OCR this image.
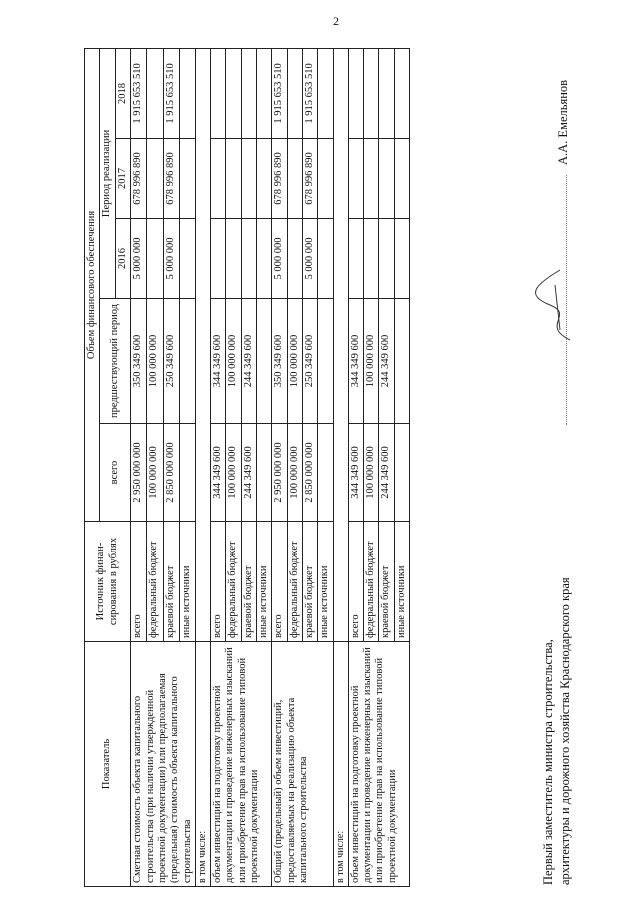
2
Показатель	Источник финан-сирования в рублях	Объем финансового обеспечения				
		всего	предшествующий период	Период реализации		
				2016	2017	2018
Сметная стоимость объекта капитального строительства (при наличии утвержденной проектной документации) или предполагаемая (предельная) стоимость объекта капитального строительства	всего	2 950 000 000	350 349 600	5 000 000	678 996 890	1 915 653 510
	федеральный бюджет	100 000 000	100 000 000			
	краевой бюджет	2 850 000 000	250 349 600	5 000 000	678 996 890	1 915 653 510
	иные источники					
в том числе:						
объем инвестиций на подготовку проектной документации и проведение инженерных изысканий или приобретение прав на использование типовой проектной документации	всего	344 349 600	344 349 600			
	федеральный бюджет	100 000 000	100 000 000			
	краевой бюджет	244 349 600	244 349 600			
	иные источники					
Общий (предельный) объем инвестиций, предоставляемых на реализацию объекта капитального строительства	всего	2 950 000 000	350 349 600	5 000 000	678 996 890	1 915 653 510
	федеральный бюджет	100 000 000	100 000 000			
	краевой бюджет	2 850 000 000	250 349 600	5 000 000	678 996 890	1 915 653 510
	иные источники					
в том числе:						
объем инвестиций на подготовку проектной документации и проведение инженерных изысканий или приобретение прав на использование типовой проектной документации	всего	344 349 600	344 349 600			
	федеральный бюджет	100 000 000	100 000 000			
	краевой бюджет	244 349 600	244 349 600			
	иные источники					
Первый заместитель министра строительства, архитектуры и дорожного хозяйства Краснодарского края
А.А. Емельянов
